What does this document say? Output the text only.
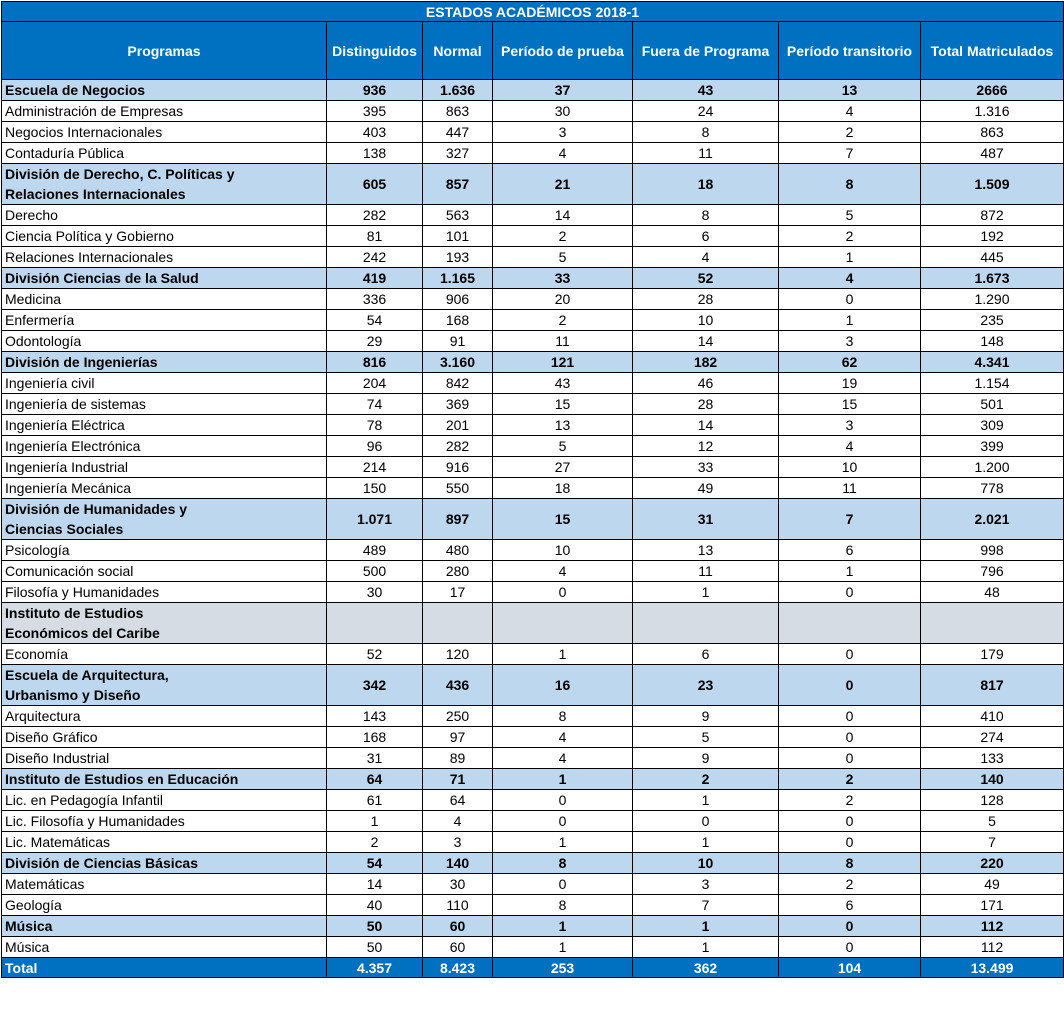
ESTADOS ACADÉMICOS 2018-1						
Programas	Distinguidos	Normal	Período de prueba	Fuera de Programa	Período transitorio	Total Matriculados
Escuela de Negocios	936	1.636	37	43	13	2666
Administración de Empresas	395	863	30	24	4	1.316
Negocios Internacionales	403	447	3	8	2	863
Contaduría Pública	138	327	4	11	7	487
División de Derecho, C. Políticas y
Relaciones Internacionales	605	857	21	18	8	1.509
Derecho	282	563	14	8	5	872
Ciencia Política y Gobierno	81	101	2	6	2	192
Relaciones Internacionales	242	193	5	4	1	445
División Ciencias de la Salud	419	1.165	33	52	4	1.673
Medicina	336	906	20	28	0	1.290
Enfermería	54	168	2	10	1	235
Odontología	29	91	11	14	3	148
División de Ingenierías	816	3.160	121	182	62	4.341
Ingeniería civil	204	842	43	46	19	1.154
Ingeniería de sistemas	74	369	15	28	15	501
Ingeniería Eléctrica	78	201	13	14	3	309
Ingeniería Electrónica	96	282	5	12	4	399
Ingeniería Industrial	214	916	27	33	10	1.200
Ingeniería Mecánica	150	550	18	49	11	778
División de Humanidades y
Ciencias Sociales	1.071	897	15	31	7	2.021
Psicología	489	480	10	13	6	998
Comunicación social	500	280	4	11	1	796
Filosofía y Humanidades	30	17	0	1	0	48
Instituto de Estudios
Económicos del Caribe						
Economía	52	120	1	6	0	179
Escuela de Arquitectura,
Urbanismo y Diseño	342	436	16	23	0	817
Arquitectura	143	250	8	9	0	410
Diseño Gráfico	168	97	4	5	0	274
Diseño Industrial	31	89	4	9	0	133
Instituto de Estudios en Educación	64	71	1	2	2	140
Lic. en Pedagogía Infantil	61	64	0	1	2	128
Lic. Filosofía y Humanidades	1	4	0	0	0	5
Lic. Matemáticas	2	3	1	1	0	7
División de Ciencias Básicas	54	140	8	10	8	220
Matemáticas	14	30	0	3	2	49
Geología	40	110	8	7	6	171
Música	50	60	1	1	0	112
Música	50	60	1	1	0	112
Total	4.357	8.423	253	362	104	13.499
